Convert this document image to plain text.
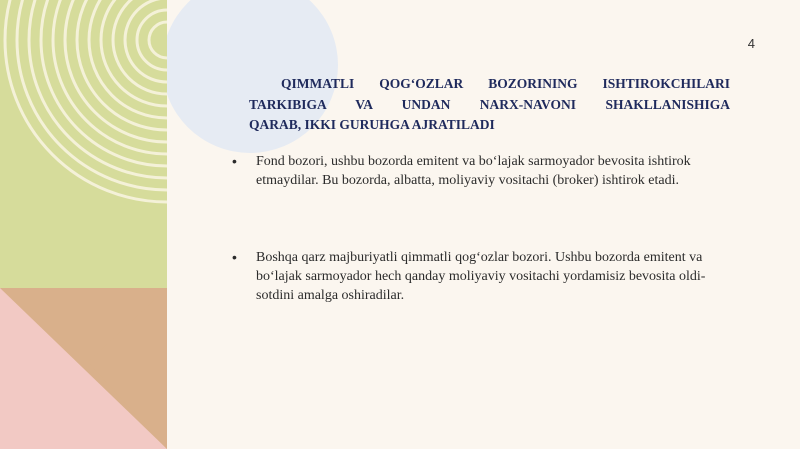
4
QIMMATLI QOG‘OZLAR BOZORINING ISHTIROKCHILARI
TARKIBIGA VA UNDAN NARX-NAVONI SHAKLLANISHIGA
QARAB, IKKI GURUHGA AJRATILADI
•	Fond bozori, ushbu bozorda emitent va bo‘lajak sarmoyador bevosita ishtirok etmaydilar. Bu bozorda, albatta, moliyaviy vositachi (broker) ishtirok etadi.
•	Boshqa qarz majburiyatli qimmatli qog‘ozlar bozori. Ushbu bozorda emitent va bo‘lajak sarmoyador hech qanday moliyaviy vositachi yordamisiz bevosita oldi-sotdini amalga oshiradilar.
